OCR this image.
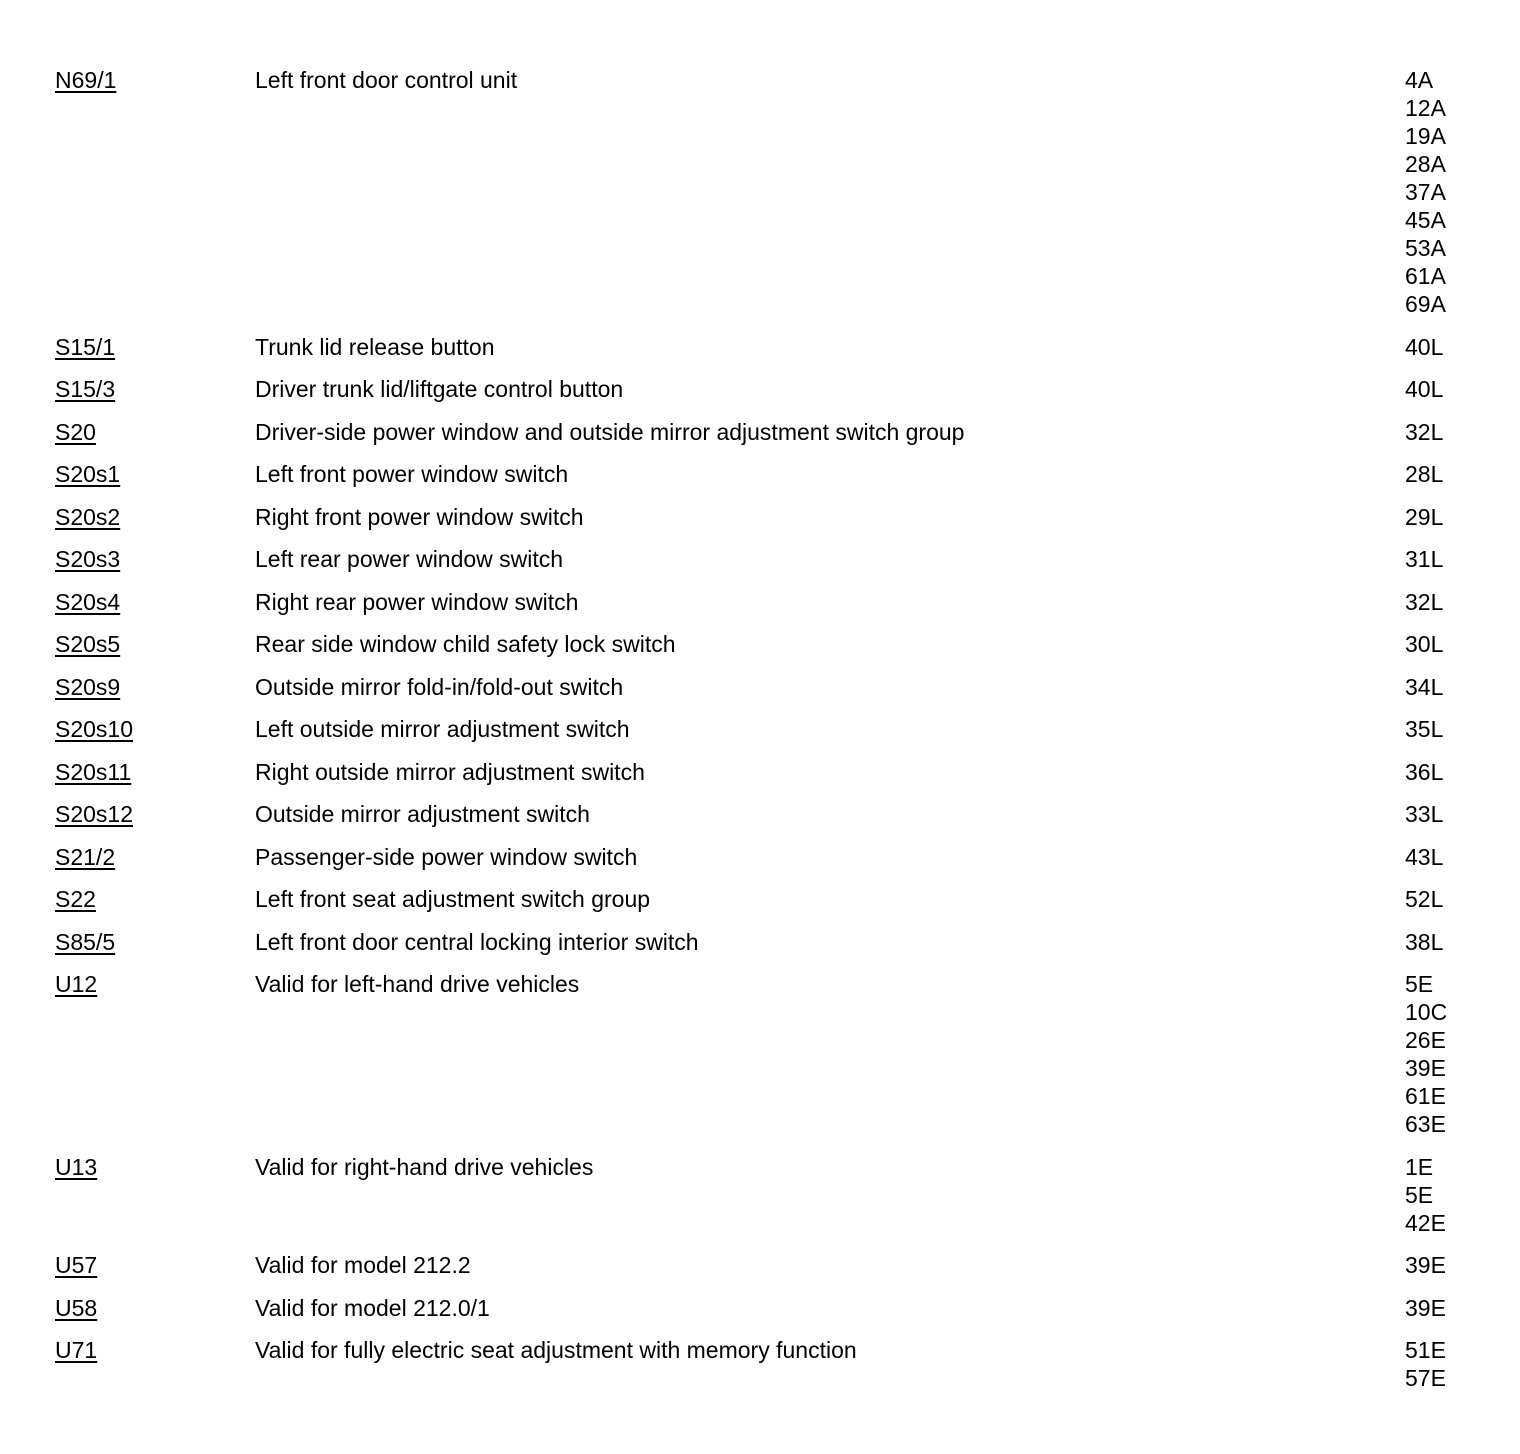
N69/1	Left front door control unit	4A
12A
19A
28A
37A
45A
53A
61A
69A
S15/1	Trunk lid release button	40L
S15/3	Driver trunk lid/liftgate control button	40L
S20	Driver-side power window and outside mirror adjustment switch group	32L
S20s1	Left front power window switch	28L
S20s2	Right front power window switch	29L
S20s3	Left rear power window switch	31L
S20s4	Right rear power window switch	32L
S20s5	Rear side window child safety lock switch	30L
S20s9	Outside mirror fold-in/fold-out switch	34L
S20s10	Left outside mirror adjustment switch	35L
S20s11	Right outside mirror adjustment switch	36L
S20s12	Outside mirror adjustment switch	33L
S21/2	Passenger-side power window switch	43L
S22	Left front seat adjustment switch group	52L
S85/5	Left front door central locking interior switch	38L
U12	Valid for left-hand drive vehicles	5E
10C
26E
39E
61E
63E
U13	Valid for right-hand drive vehicles	1E
5E
42E
U57	Valid for model 212.2	39E
U58	Valid for model 212.0/1	39E
U71	Valid for fully electric seat adjustment with memory function	51E
57E
